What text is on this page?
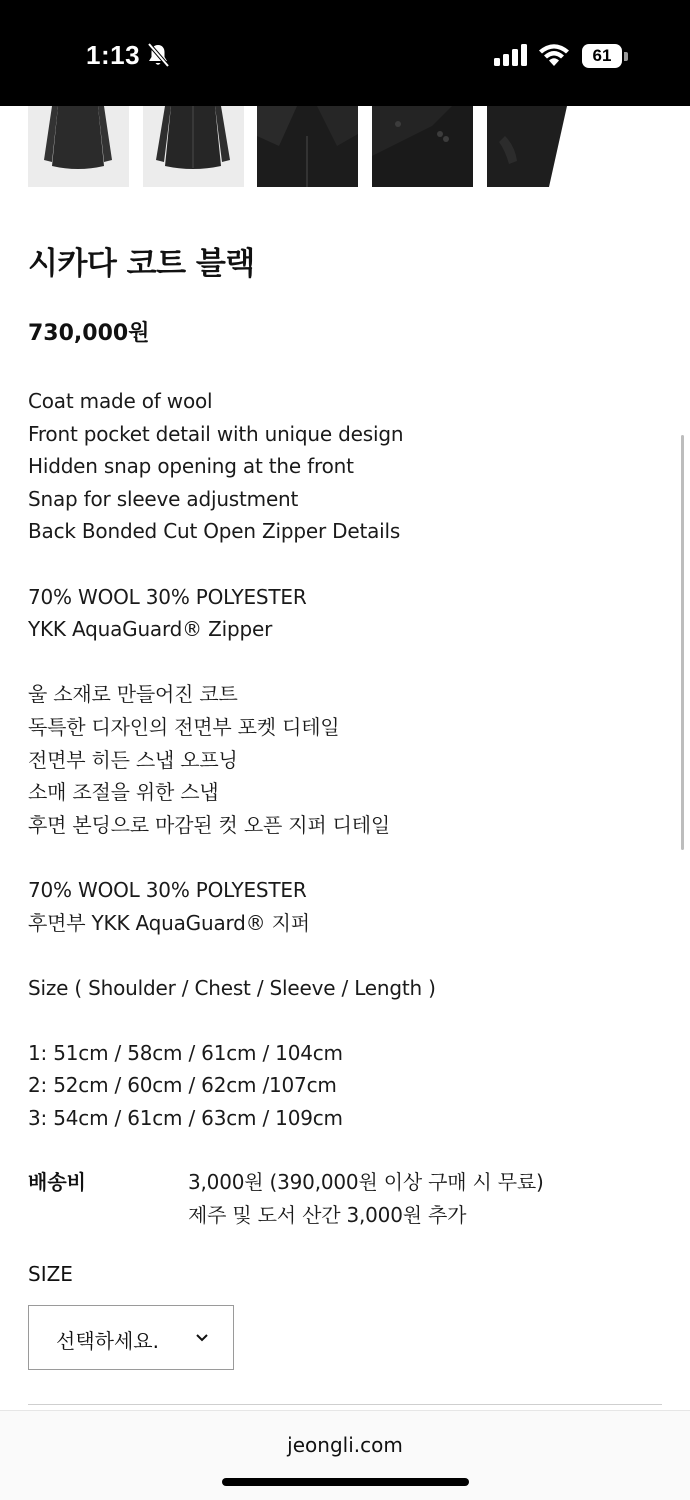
1:13	61
시카다 코트 블랙
730,000원
Coat made of wool
Front pocket detail with unique design
Hidden snap opening at the front
Snap for sleeve adjustment
Back Bonded Cut Open Zipper Details
70% WOOL 30% POLYESTER
YKK AquaGuard® Zipper
울 소재로 만들어진 코트
독특한 디자인의 전면부 포켓 디테일
전면부 히든 스냅 오프닝
소매 조절을 위한 스냅
후면 본딩으로 마감된 컷 오픈 지퍼 디테일
70% WOOL 30% POLYESTER
후면부 YKK AquaGuard® 지퍼
Size ( Shoulder / Chest / Sleeve / Length )
1: 51cm / 58cm / 61cm / 104cm
2: 52cm / 60cm / 62cm /107cm
3: 54cm / 61cm / 63cm / 109cm
배송비	3,000원 (390,000원 이상 구매 시 무료)
제주 및 도서 산간 3,000원 추가
SIZE
선택하세요.
jeongli.com
